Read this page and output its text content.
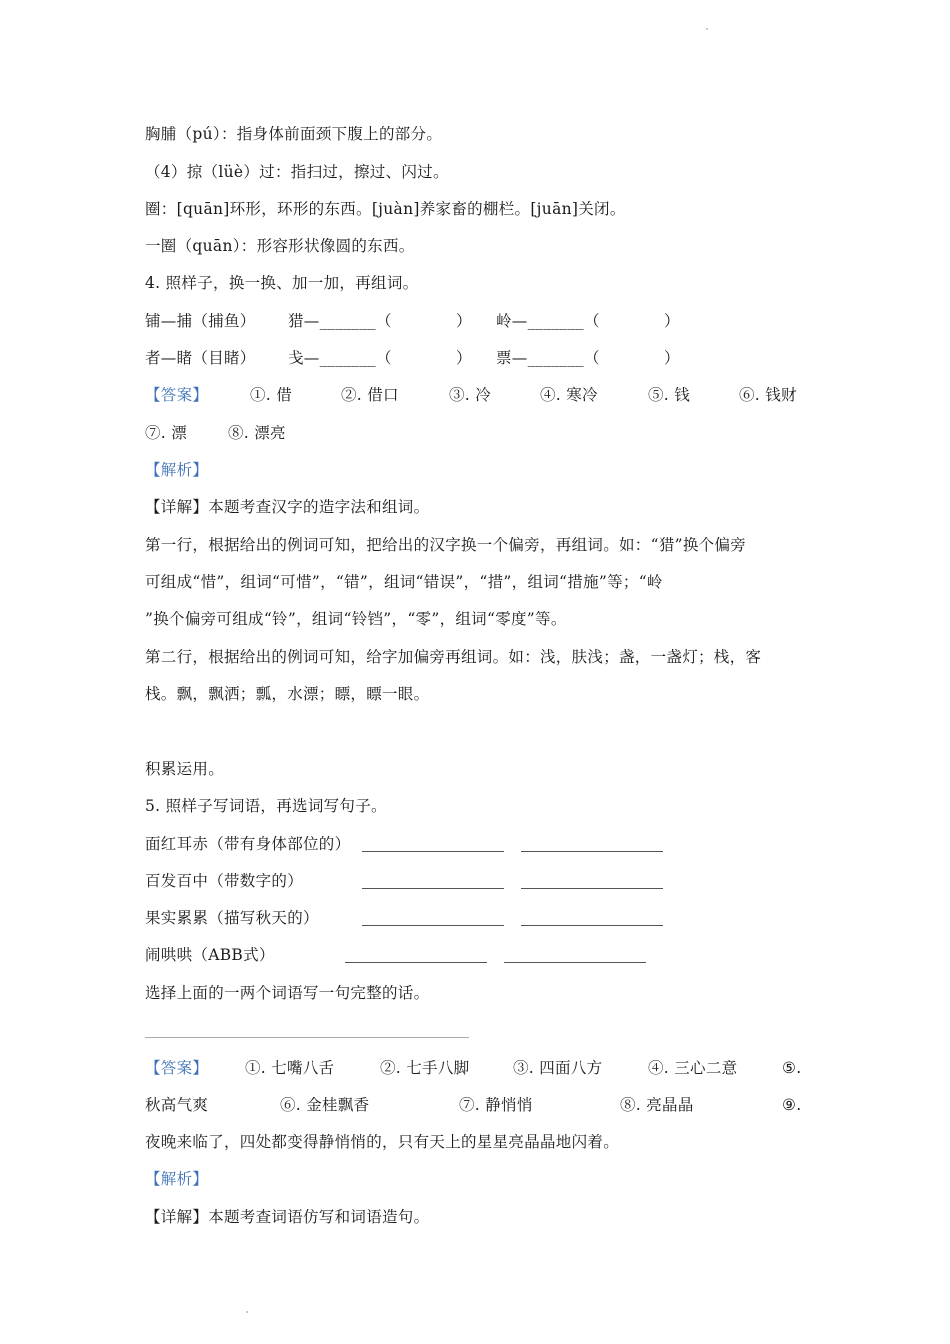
胸脯（pú）：指身体前面颈下腹上的部分。
（4）掠（lüè）过：指扫过，擦过、闪过。
圈：[quān]环形，环形的东西。[juàn]养家畜的棚栏。[juān]关闭。
一圈（quān）：形容形状像圆的东西。
4. 照样子，换一换、加一加，再组词。
铺—捕（捕鱼） 猎—_______（	） 岭—_______（	）
者—睹（目睹） 戋—_______（	） 票—_______（	）
【答案】	①. 借	②. 借口	③. 冷	④. 寒冷	⑤. 钱	⑥. 钱财
⑦. 漂	⑧. 漂亮
【解析】
【详解】本题考查汉字的造字法和组词。
第一行，根据给出的例词可知，把给出的汉字换一个偏旁，再组词。如：“猎”换个偏旁
可组成“惜”，组词“可惜”，“错”，组词“错误”，“措”，组词“措施”等；“岭
”换个偏旁可组成“铃”，组词“铃铛”，“零”，组词“零度”等。
第二行，根据给出的例词可知，给字加偏旁再组词。如：浅，肤浅；盏，一盏灯；栈，客
栈。飘，飘洒；瓢，水漂；瞟，瞟一眼。
积累运用。
5. 照样子写词语，再选词写句子。
面红耳赤（带有身体部位的）
百发百中（带数字的）
果实累累（描写秋天的）
闹哄哄（ABB式）
选择上面的一两个词语写一句完整的话。
【答案】 ①. 七嘴八舌	②. 七手八脚	③. 四面八方	④. 三心二意	⑤.
秋高气爽	⑥. 金桂飘香	⑦. 静悄悄	⑧. 亮晶晶	⑨.
夜晚来临了，四处都变得静悄悄的，只有天上的星星亮晶晶地闪着。
【解析】
【详解】本题考查词语仿写和词语造句。
